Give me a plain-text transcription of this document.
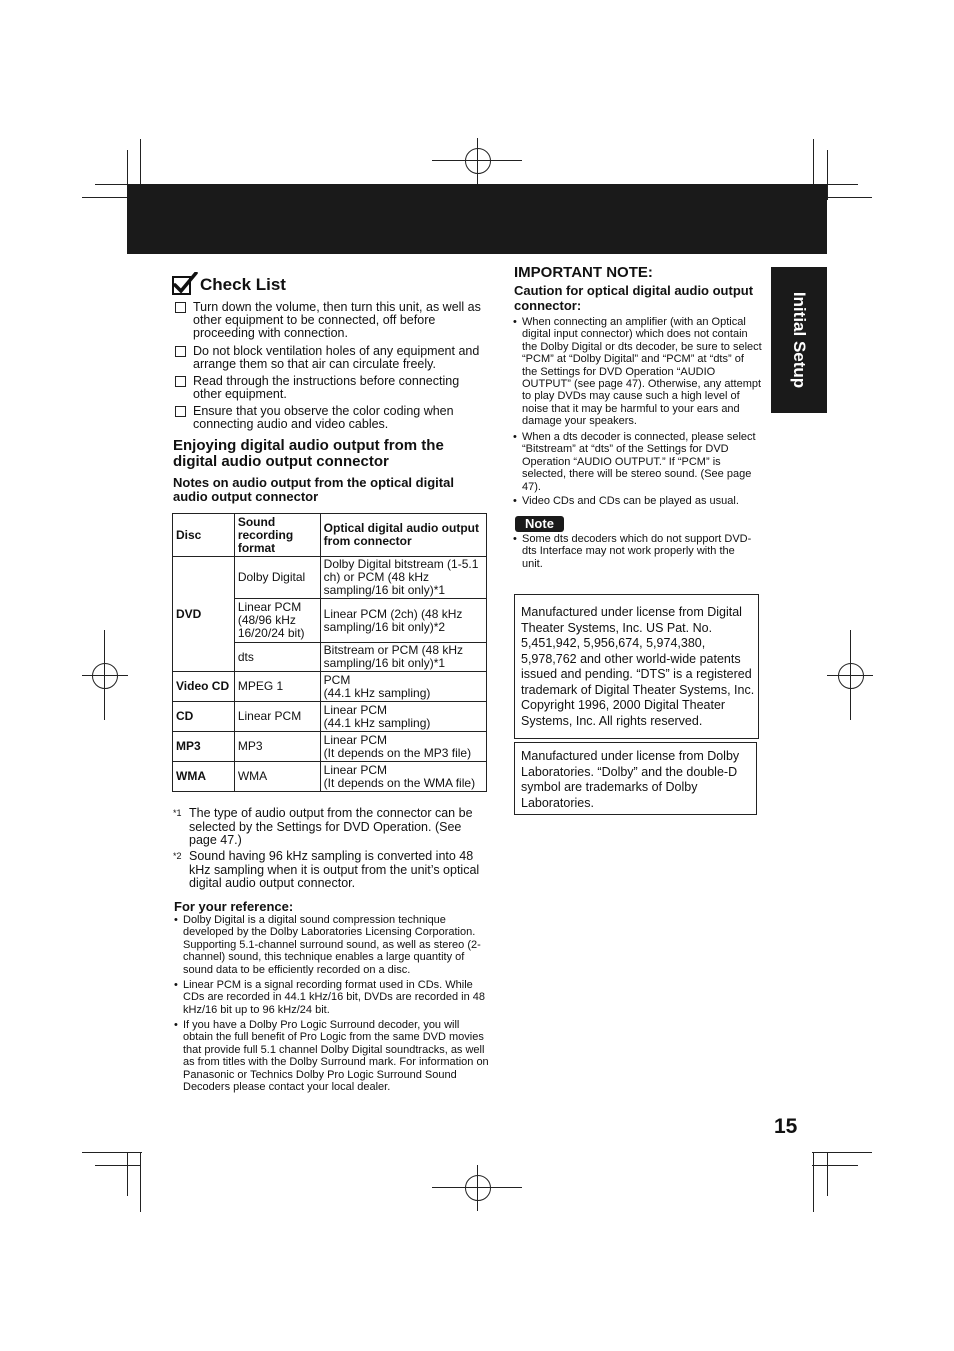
Initial Setup
Check List
Turn down the volume, then turn this unit, as well as other equipment to be connected, off before proceeding with connection.
Do not block ventilation holes of any equipment and arrange them so that air can circulate freely.
Read through the instructions before connecting other equipment.
Ensure that you observe the color coding when connecting audio and video cables.
Enjoying digital audio output from the digital audio output connector
Notes on audio output from the optical digital audio output connector
Disc	Sound recording format	Optical digital audio output from connector
DVD	Dolby Digital	Dolby Digital bitstream (1-5.1 ch) or PCM (48 kHz sampling/16 bit only)*1
	Linear PCM (48/96 kHz 16/20/24 bit)	Linear PCM (2ch) (48 kHz sampling/16 bit only)*2
	dts	Bitstream or PCM (48 kHz sampling/16 bit only)*1
Video CD	MPEG 1	PCM
(44.1 kHz sampling)
CD	Linear PCM	Linear PCM
(44.1 kHz sampling)
MP3	MP3	Linear PCM
(It depends on the MP3 file)
WMA	WMA	Linear PCM
(It depends on the WMA file)
*1 The type of audio output from the connector can be selected by the Settings for DVD Operation. (See page 47.)
*2 Sound having 96 kHz sampling is converted into 48 kHz sampling when it is output from the unit’s optical digital audio output connector.
For your reference:
• Dolby Digital is a digital sound compression technique developed by the Dolby Laboratories Licensing Corporation. Supporting 5.1-channel surround sound, as well as stereo (2-channel) sound, this technique enables a large quantity of sound data to be efficiently recorded on a disc.
• Linear PCM is a signal recording format used in CDs. While CDs are recorded in 44.1 kHz/16 bit, DVDs are recorded in 48 kHz/16 bit up to 96 kHz/24 bit.
• If you have a Dolby Pro Logic Surround decoder, you will obtain the full benefit of Pro Logic from the same DVD movies that provide full 5.1 channel Dolby Digital soundtracks, as well as from titles with the Dolby Surround mark. For information on Panasonic or Technics Dolby Pro Logic Surround Sound Decoders please contact your local dealer.
IMPORTANT NOTE:
Caution for optical digital audio output connector:
• When connecting an amplifier (with an Optical digital input connector) which does not contain the Dolby Digital or dts decoder, be sure to select “PCM” at “Dolby Digital” and “PCM” at “dts” of the Settings for DVD Operation “AUDIO OUTPUT” (see page 47). Otherwise, any attempt to play DVDs may cause such a high level of noise that it may be harmful to your ears and damage your speakers.
• When a dts decoder is connected, please select “Bitstream” at “dts” of the Settings for DVD Operation “AUDIO OUTPUT.” If “PCM” is selected, there will be stereo sound. (See page 47).
• Video CDs and CDs can be played as usual.
Note
• Some dts decoders which do not support DVD-dts Interface may not work properly with the unit.
Manufactured under license from Digital Theater Systems, Inc. US Pat. No. 5,451,942, 5,956,674, 5,974,380, 5,978,762 and other world-wide patents issued and pending. “DTS” is a registered trademark of Digital Theater Systems, Inc. Copyright 1996, 2000 Digital Theater Systems, Inc. All rights reserved.
Manufactured under license from Dolby Laboratories. “Dolby” and the double-D symbol are trademarks of Dolby Laboratories.
15
